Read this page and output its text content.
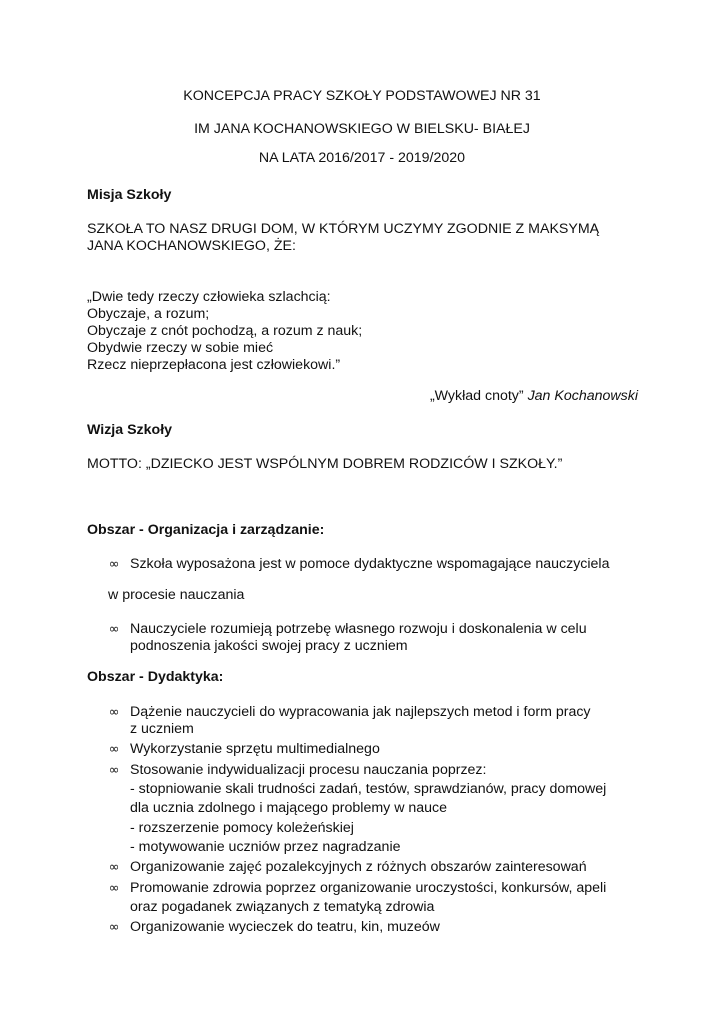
KONCEPCJA PRACY SZKOŁY PODSTAWOWEJ NR 31
IM JANA KOCHANOWSKIEGO W BIELSKU- BIAŁEJ
NA LATA 2016/2017 - 2019/2020
Misja Szkoły
SZKOŁA TO NASZ DRUGI DOM, W KTÓRYM UCZYMY ZGODNIE Z MAKSYMĄ
JANA KOCHANOWSKIEGO, ŻE:
„Dwie tedy rzeczy człowieka szlachcią:
Obyczaje, a rozum;
Obyczaje z cnót pochodzą, a rozum z nauk;
Obydwie rzeczy w sobie mieć
Rzecz nieprzepłacona jest człowiekowi.”
„Wykład cnoty” Jan Kochanowski
Wizja Szkoły
MOTTO: „DZIECKO JEST WSPÓLNYM DOBREM RODZICÓW I SZKOŁY.”
Obszar - Organizacja i zarządzanie:
∞ Szkoła wyposażona jest w pomoce dydaktyczne wspomagające nauczyciela
w procesie nauczania
∞ Nauczyciele rozumieją potrzebę własnego rozwoju i doskonalenia w celu
podnoszenia jakości swojej pracy z uczniem
Obszar - Dydaktyka:
∞ Dążenie nauczycieli do wypracowania jak najlepszych metod i form pracy
z uczniem
∞ Wykorzystanie sprzętu multimedialnego
∞ Stosowanie indywidualizacji procesu nauczania poprzez:
- stopniowanie skali trudności zadań, testów, sprawdzianów, pracy domowej
dla ucznia zdolnego i mającego problemy w nauce
- rozszerzenie pomocy koleżeńskiej
- motywowanie uczniów przez nagradzanie
∞ Organizowanie zajęć pozalekcyjnych z różnych obszarów zainteresowań
∞ Promowanie zdrowia poprzez organizowanie uroczystości, konkursów, apeli
oraz pogadanek związanych z tematyką zdrowia
∞ Organizowanie wycieczek do teatru, kin, muzeów
